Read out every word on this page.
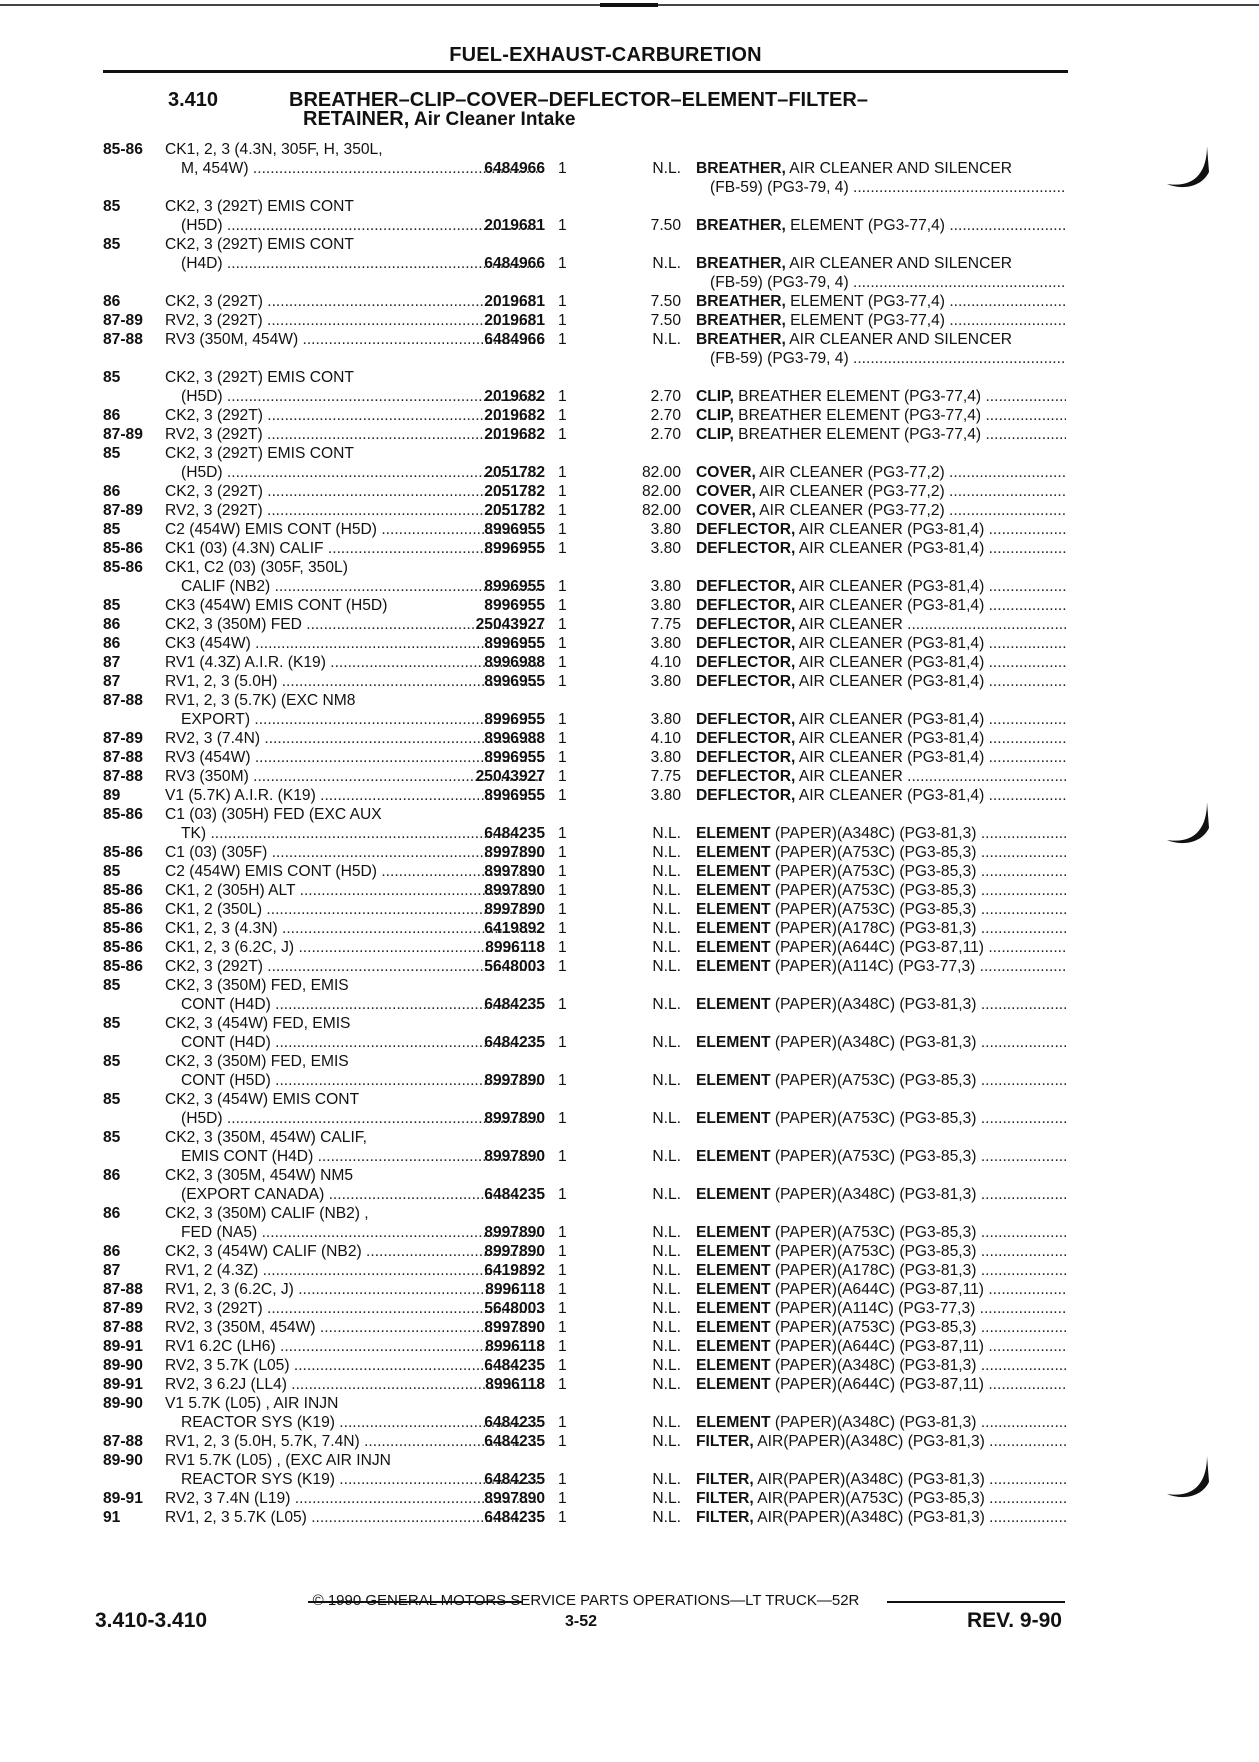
FUEL-EXHAUST-CARBURETION
3.410	BREATHER–CLIP–COVER–DEFLECTOR–ELEMENT–FILTER–
RETAINER, Air Cleaner Intake
85-86	CK1, 2, 3 (4.3N, 305F, H, 350L,
M, 454W) .....	6484966 1	N.L. BREATHER, AIR CLEANER AND SILENCER
(FB-59) (PG3-79, 4) .....
85	CK2, 3 (292T) EMIS CONT
(H5D) .....	2019681 1	7.50 BREATHER, ELEMENT (PG3-77,4) .....
85	CK2, 3 (292T) EMIS CONT
(H4D) .....	6484966 1	N.L. BREATHER, AIR CLEANER AND SILENCER
(FB-59) (PG3-79, 4) .....
86	CK2, 3 (292T) .....	2019681 1	7.50 BREATHER, ELEMENT (PG3-77,4) .....
87-89	RV2, 3 (292T) .....	2019681 1	7.50 BREATHER, ELEMENT (PG3-77,4) .....
87-88	RV3 (350M, 454W) .....	6484966 1	N.L. BREATHER, AIR CLEANER AND SILENCER
(FB-59) (PG3-79, 4) .....
85	CK2, 3 (292T) EMIS CONT
(H5D) .....	2019682 1	2.70 CLIP, BREATHER ELEMENT (PG3-77,4) .....
86	CK2, 3 (292T) .....	2019682 1	2.70 CLIP, BREATHER ELEMENT (PG3-77,4) .....
87-89	RV2, 3 (292T) .....	2019682 1	2.70 CLIP, BREATHER ELEMENT (PG3-77,4) .....
85	CK2, 3 (292T) EMIS CONT
(H5D) .....	2051782 1	82.00 COVER, AIR CLEANER (PG3-77,2) .....
86	CK2, 3 (292T) .....	2051782 1	82.00 COVER, AIR CLEANER (PG3-77,2) .....
87-89	RV2, 3 (292T) .....	2051782 1	82.00 COVER, AIR CLEANER (PG3-77,2) .....
85	C2 (454W) EMIS CONT (H5D) .....	8996955 1	3.80 DEFLECTOR, AIR CLEANER (PG3-81,4) .....
85-86	CK1 (03) (4.3N) CALIF .....	8996955 1	3.80 DEFLECTOR, AIR CLEANER (PG3-81,4) .....
85-86	CK1, C2 (03) (305F, 350L)
CALIF (NB2) .....	8996955 1	3.80 DEFLECTOR, AIR CLEANER (PG3-81,4) .....
85	CK3 (454W) EMIS CONT (H5D)	8996955 1	3.80 DEFLECTOR, AIR CLEANER (PG3-81,4) .....
86	CK2, 3 (350M) FED .....	25043927 1	7.75 DEFLECTOR, AIR CLEANER .....
86	CK3 (454W) .....	8996955 1	3.80 DEFLECTOR, AIR CLEANER (PG3-81,4) .....
87	RV1 (4.3Z) A.I.R. (K19) .....	8996988 1	4.10 DEFLECTOR, AIR CLEANER (PG3-81,4) .....
87	RV1, 2, 3 (5.0H) .....	8996955 1	3.80 DEFLECTOR, AIR CLEANER (PG3-81,4) .....
87-88	RV1, 2, 3 (5.7K) (EXC NM8
EXPORT) .....	8996955 1	3.80 DEFLECTOR, AIR CLEANER (PG3-81,4) .....
87-89	RV2, 3 (7.4N) .....	8996988 1	4.10 DEFLECTOR, AIR CLEANER (PG3-81,4) .....
87-88	RV3 (454W) .....	8996955 1	3.80 DEFLECTOR, AIR CLEANER (PG3-81,4) .....
87-88	RV3 (350M) .....	25043927 1	7.75 DEFLECTOR, AIR CLEANER .....
89	V1 (5.7K) A.I.R. (K19) .....	8996955 1	3.80 DEFLECTOR, AIR CLEANER (PG3-81,4) .....
85-86	C1 (03) (305H) FED (EXC AUX
TK) .....	6484235 1	N.L. ELEMENT (PAPER)(A348C) (PG3-81,3) .....
85-86	C1 (03) (305F) .....	8997890 1	N.L. ELEMENT (PAPER)(A753C) (PG3-85,3) .....
85	C2 (454W) EMIS CONT (H5D) .....	8997890 1	N.L. ELEMENT (PAPER)(A753C) (PG3-85,3) .....
85-86	CK1, 2 (305H) ALT .....	8997890 1	N.L. ELEMENT (PAPER)(A753C) (PG3-85,3) .....
85-86	CK1, 2 (350L) .....	8997890 1	N.L. ELEMENT (PAPER)(A753C) (PG3-85,3) .....
85-86	CK1, 2, 3 (4.3N) .....	6419892 1	N.L. ELEMENT (PAPER)(A178C) (PG3-81,3) .....
85-86	CK1, 2, 3 (6.2C, J) .....	8996118 1	N.L. ELEMENT (PAPER)(A644C) (PG3-87,11) .....
85-86	CK2, 3 (292T) .....	5648003 1	N.L. ELEMENT (PAPER)(A114C) (PG3-77,3) .....
85	CK2, 3 (350M) FED, EMIS
CONT (H4D) .....	6484235 1	N.L. ELEMENT (PAPER)(A348C) (PG3-81,3) .....
85	CK2, 3 (454W) FED, EMIS
CONT (H4D) .....	6484235 1	N.L. ELEMENT (PAPER)(A348C) (PG3-81,3) .....
85	CK2, 3 (350M) FED, EMIS
CONT (H5D) .....	8997890 1	N.L. ELEMENT (PAPER)(A753C) (PG3-85,3) .....
85	CK2, 3 (454W) EMIS CONT
(H5D) .....	8997890 1	N.L. ELEMENT (PAPER)(A753C) (PG3-85,3) .....
85	CK2, 3 (350M, 454W) CALIF,
EMIS CONT (H4D) .....	8997890 1	N.L. ELEMENT (PAPER)(A753C) (PG3-85,3) .....
86	CK2, 3 (305M, 454W) NM5
(EXPORT CANADA) .....	6484235 1	N.L. ELEMENT (PAPER)(A348C) (PG3-81,3) .....
86	CK2, 3 (350M) CALIF (NB2) ,
FED (NA5) .....	8997890 1	N.L. ELEMENT (PAPER)(A753C) (PG3-85,3) .....
86	CK2, 3 (454W) CALIF (NB2) .....	8997890 1	N.L. ELEMENT (PAPER)(A753C) (PG3-85,3) .....
87	RV1, 2 (4.3Z) .....	6419892 1	N.L. ELEMENT (PAPER)(A178C) (PG3-81,3) .....
87-88	RV1, 2, 3 (6.2C, J) .....	8996118 1	N.L. ELEMENT (PAPER)(A644C) (PG3-87,11) .....
87-89	RV2, 3 (292T) .....	5648003 1	N.L. ELEMENT (PAPER)(A114C) (PG3-77,3) .....
87-88	RV2, 3 (350M, 454W) .....	8997890 1	N.L. ELEMENT (PAPER)(A753C) (PG3-85,3) .....
89-91	RV1 6.2C (LH6) .....	8996118 1	N.L. ELEMENT (PAPER)(A644C) (PG3-87,11) .....
89-90	RV2, 3 5.7K (L05) .....	6484235 1	N.L. ELEMENT (PAPER)(A348C) (PG3-81,3) .....
89-91	RV2, 3 6.2J (LL4) .....	8996118 1	N.L. ELEMENT (PAPER)(A644C) (PG3-87,11) .....
89-90	V1 5.7K (L05) , AIR INJN
REACTOR SYS (K19) .....	6484235 1	N.L. ELEMENT (PAPER)(A348C) (PG3-81,3) .....
87-88	RV1, 2, 3 (5.0H, 5.7K, 7.4N) .....	6484235 1	N.L. FILTER, AIR(PAPER)(A348C) (PG3-81,3) .....
89-90	RV1 5.7K (L05) , (EXC AIR INJN
REACTOR SYS (K19) .....	6484235 1	N.L. FILTER, AIR(PAPER)(A348C) (PG3-81,3) .....
89-91	RV2, 3 7.4N (L19) .....	8997890 1	N.L. FILTER, AIR(PAPER)(A753C) (PG3-85,3) .....
91	RV1, 2, 3 5.7K (L05) .....	6484235 1	N.L. FILTER, AIR(PAPER)(A348C) (PG3-81,3) .....
© 1990 GENERAL MOTORS SERVICE PARTS OPERATIONS—LT TRUCK—52R
3.410-3.410	3-52	REV. 9-90
